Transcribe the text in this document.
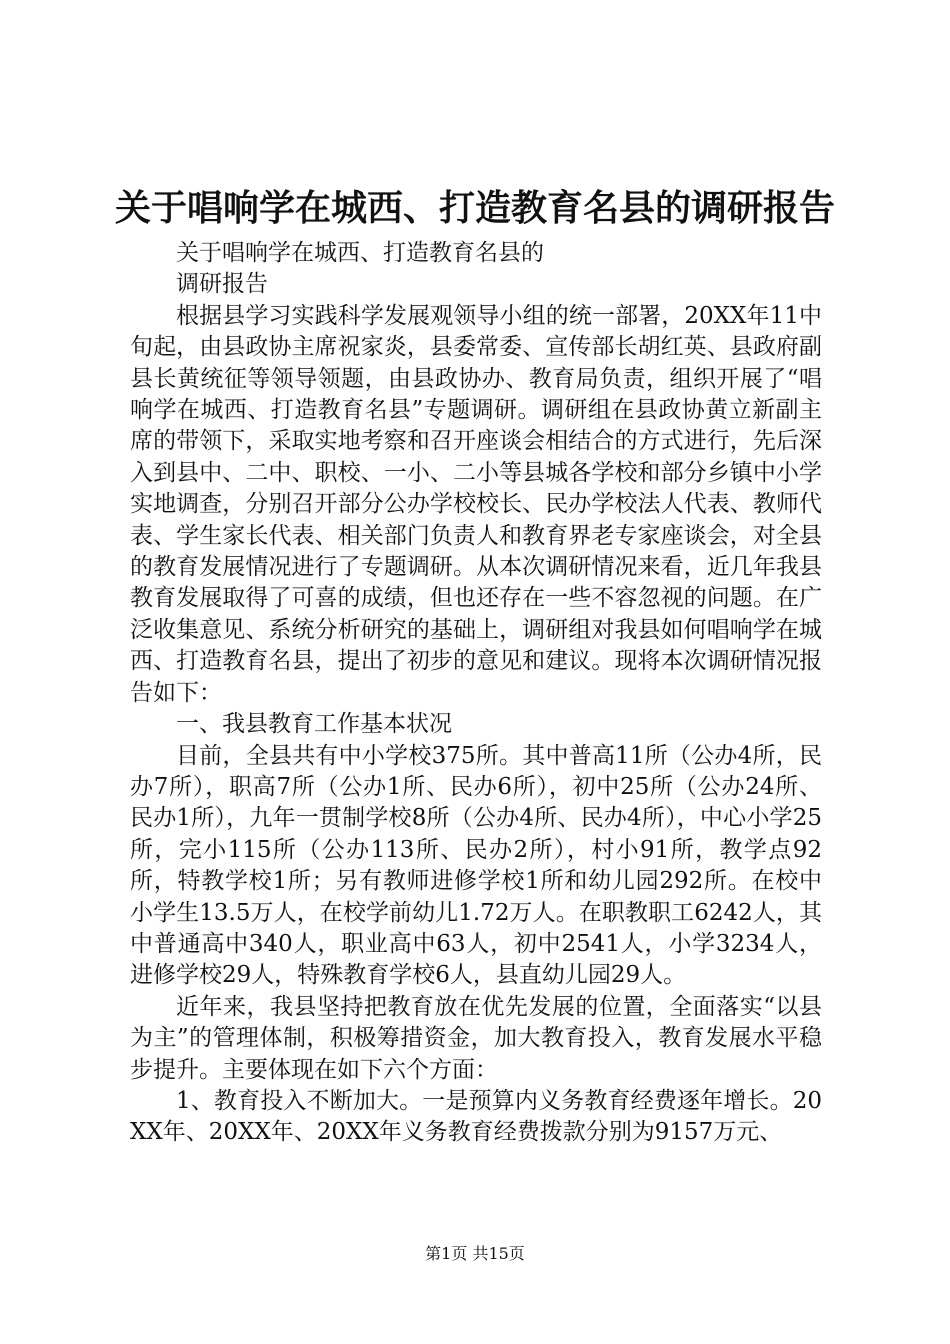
关于唱响学在城西、打造教育名县的调研报告

关于唱响学在城西、打造教育名县的

调研报告

根据县学习实践科学发展观领导小组的统一部署，20XX年11中旬起，由县政协主席祝家炎，县委常委、宣传部长胡红英、县政府副县长黄统征等领导领题，由县政协办、教育局负责，组织开展了“唱响学在城西、打造教育名县”专题调研。调研组在县政协黄立新副主席的带领下，采取实地考察和召开座谈会相结合的方式进行，先后深入到县中、二中、职校、一小、二小等县城各学校和部分乡镇中小学实地调查，分别召开部分公办学校校长、民办学校法人代表、教师代表、学生家长代表、相关部门负责人和教育界老专家座谈会，对全县的教育发展情况进行了专题调研。从本次调研情况来看，近几年我县教育发展取得了可喜的成绩，但也还存在一些不容忽视的问题。在广泛收集意见、系统分析研究的基础上，调研组对我县如何唱响学在城西、打造教育名县，提出了初步的意见和建议。现将本次调研情况报告如下：

一、我县教育工作基本状况

目前，全县共有中小学校375所。其中普高11所（公办4所，民办7所），职高7所（公办1所、民办6所），初中25所（公办24所、民办1所），九年一贯制学校8所（公办4所、民办4所），中心小学25所，完小115所（公办113所、民办2所），村小91所，教学点92所，特教学校1所；另有教师进修学校1所和幼儿园292所。在校中小学生13.5万人，在校学前幼儿1.72万人。在职教职工6242人，其中普通高中340人，职业高中63人，初中2541人，小学3234人，进修学校29人，特殊教育学校6人，县直幼儿园29人。

近年来，我县坚持把教育放在优先发展的位置，全面落实“以县为主”的管理体制，积极筹措资金，加大教育投入，教育发展水平稳步提升。主要体现在如下六个方面：

1、教育投入不断加大。一是预算内义务教育经费逐年增长。20XX年、20XX年、20XX年义务教育经费拨款分别为9157万元、

第1页 共15页
